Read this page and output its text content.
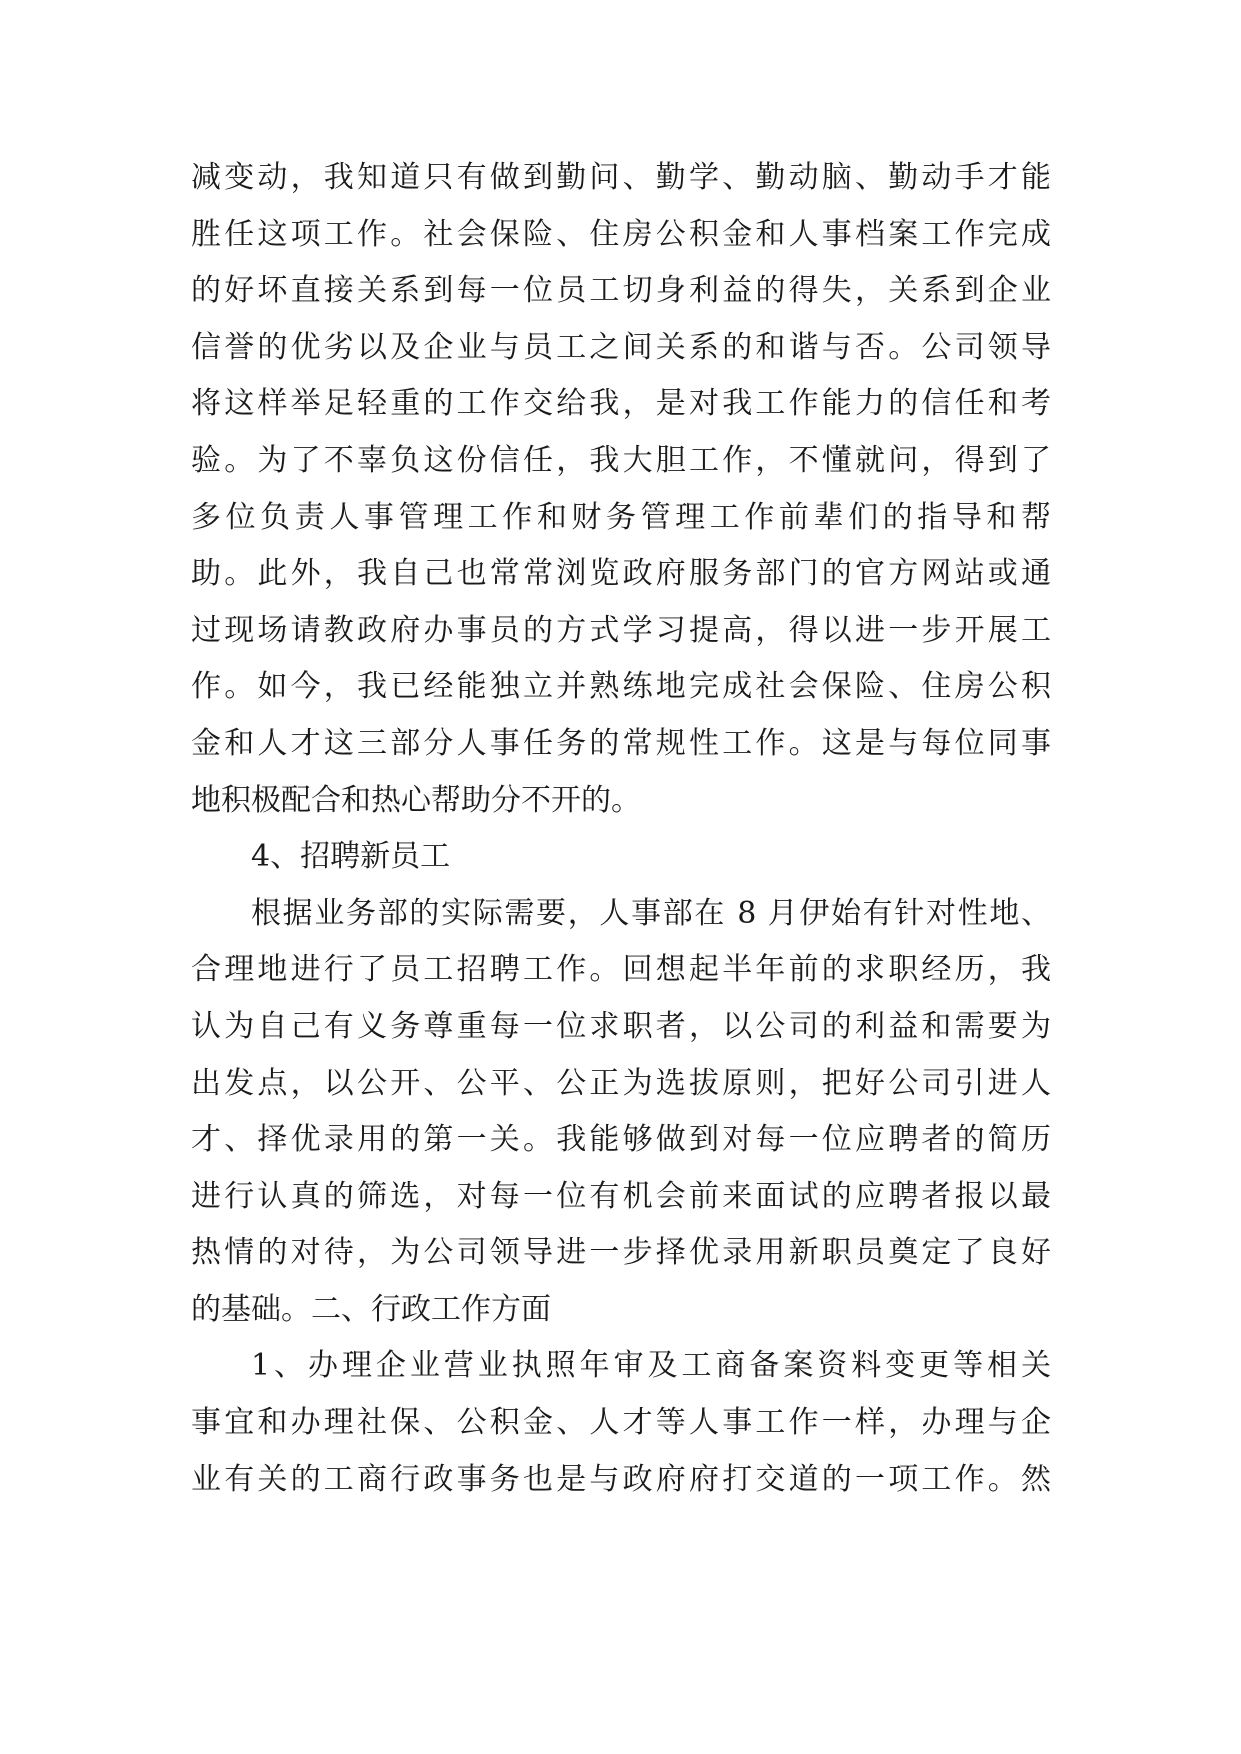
减变动，我知道只有做到勤问、勤学、勤动脑、勤动手才能
胜任这项工作。社会保险、住房公积金和人事档案工作完成
的好坏直接关系到每一位员工切身利益的得失，关系到企业
信誉的优劣以及企业与员工之间关系的和谐与否。公司领导
将这样举足轻重的工作交给我，是对我工作能力的信任和考
验。为了不辜负这份信任，我大胆工作，不懂就问，得到了
多位负责人事管理工作和财务管理工作前辈们的指导和帮
助。此外，我自己也常常浏览政府服务部门的官方网站或通
过现场请教政府办事员的方式学习提高，得以进一步开展工
作。如今，我已经能独立并熟练地完成社会保险、住房公积
金和人才这三部分人事任务的常规性工作。这是与每位同事
地积极配合和热心帮助分不开的。
4、招聘新员工
根据业务部的实际需要，人事部在 8 月伊始有针对性地、
合理地进行了员工招聘工作。回想起半年前的求职经历，我
认为自己有义务尊重每一位求职者，以公司的利益和需要为
出发点，以公开、公平、公正为选拔原则，把好公司引进人
才、择优录用的第一关。我能够做到对每一位应聘者的简历
进行认真的筛选，对每一位有机会前来面试的应聘者报以最
热情的对待，为公司领导进一步择优录用新职员奠定了良好
的基础。二、行政工作方面
1、办理企业营业执照年审及工商备案资料变更等相关
事宜和办理社保、公积金、人才等人事工作一样，办理与企
业有关的工商行政事务也是与政府府打交道的一项工作。然
